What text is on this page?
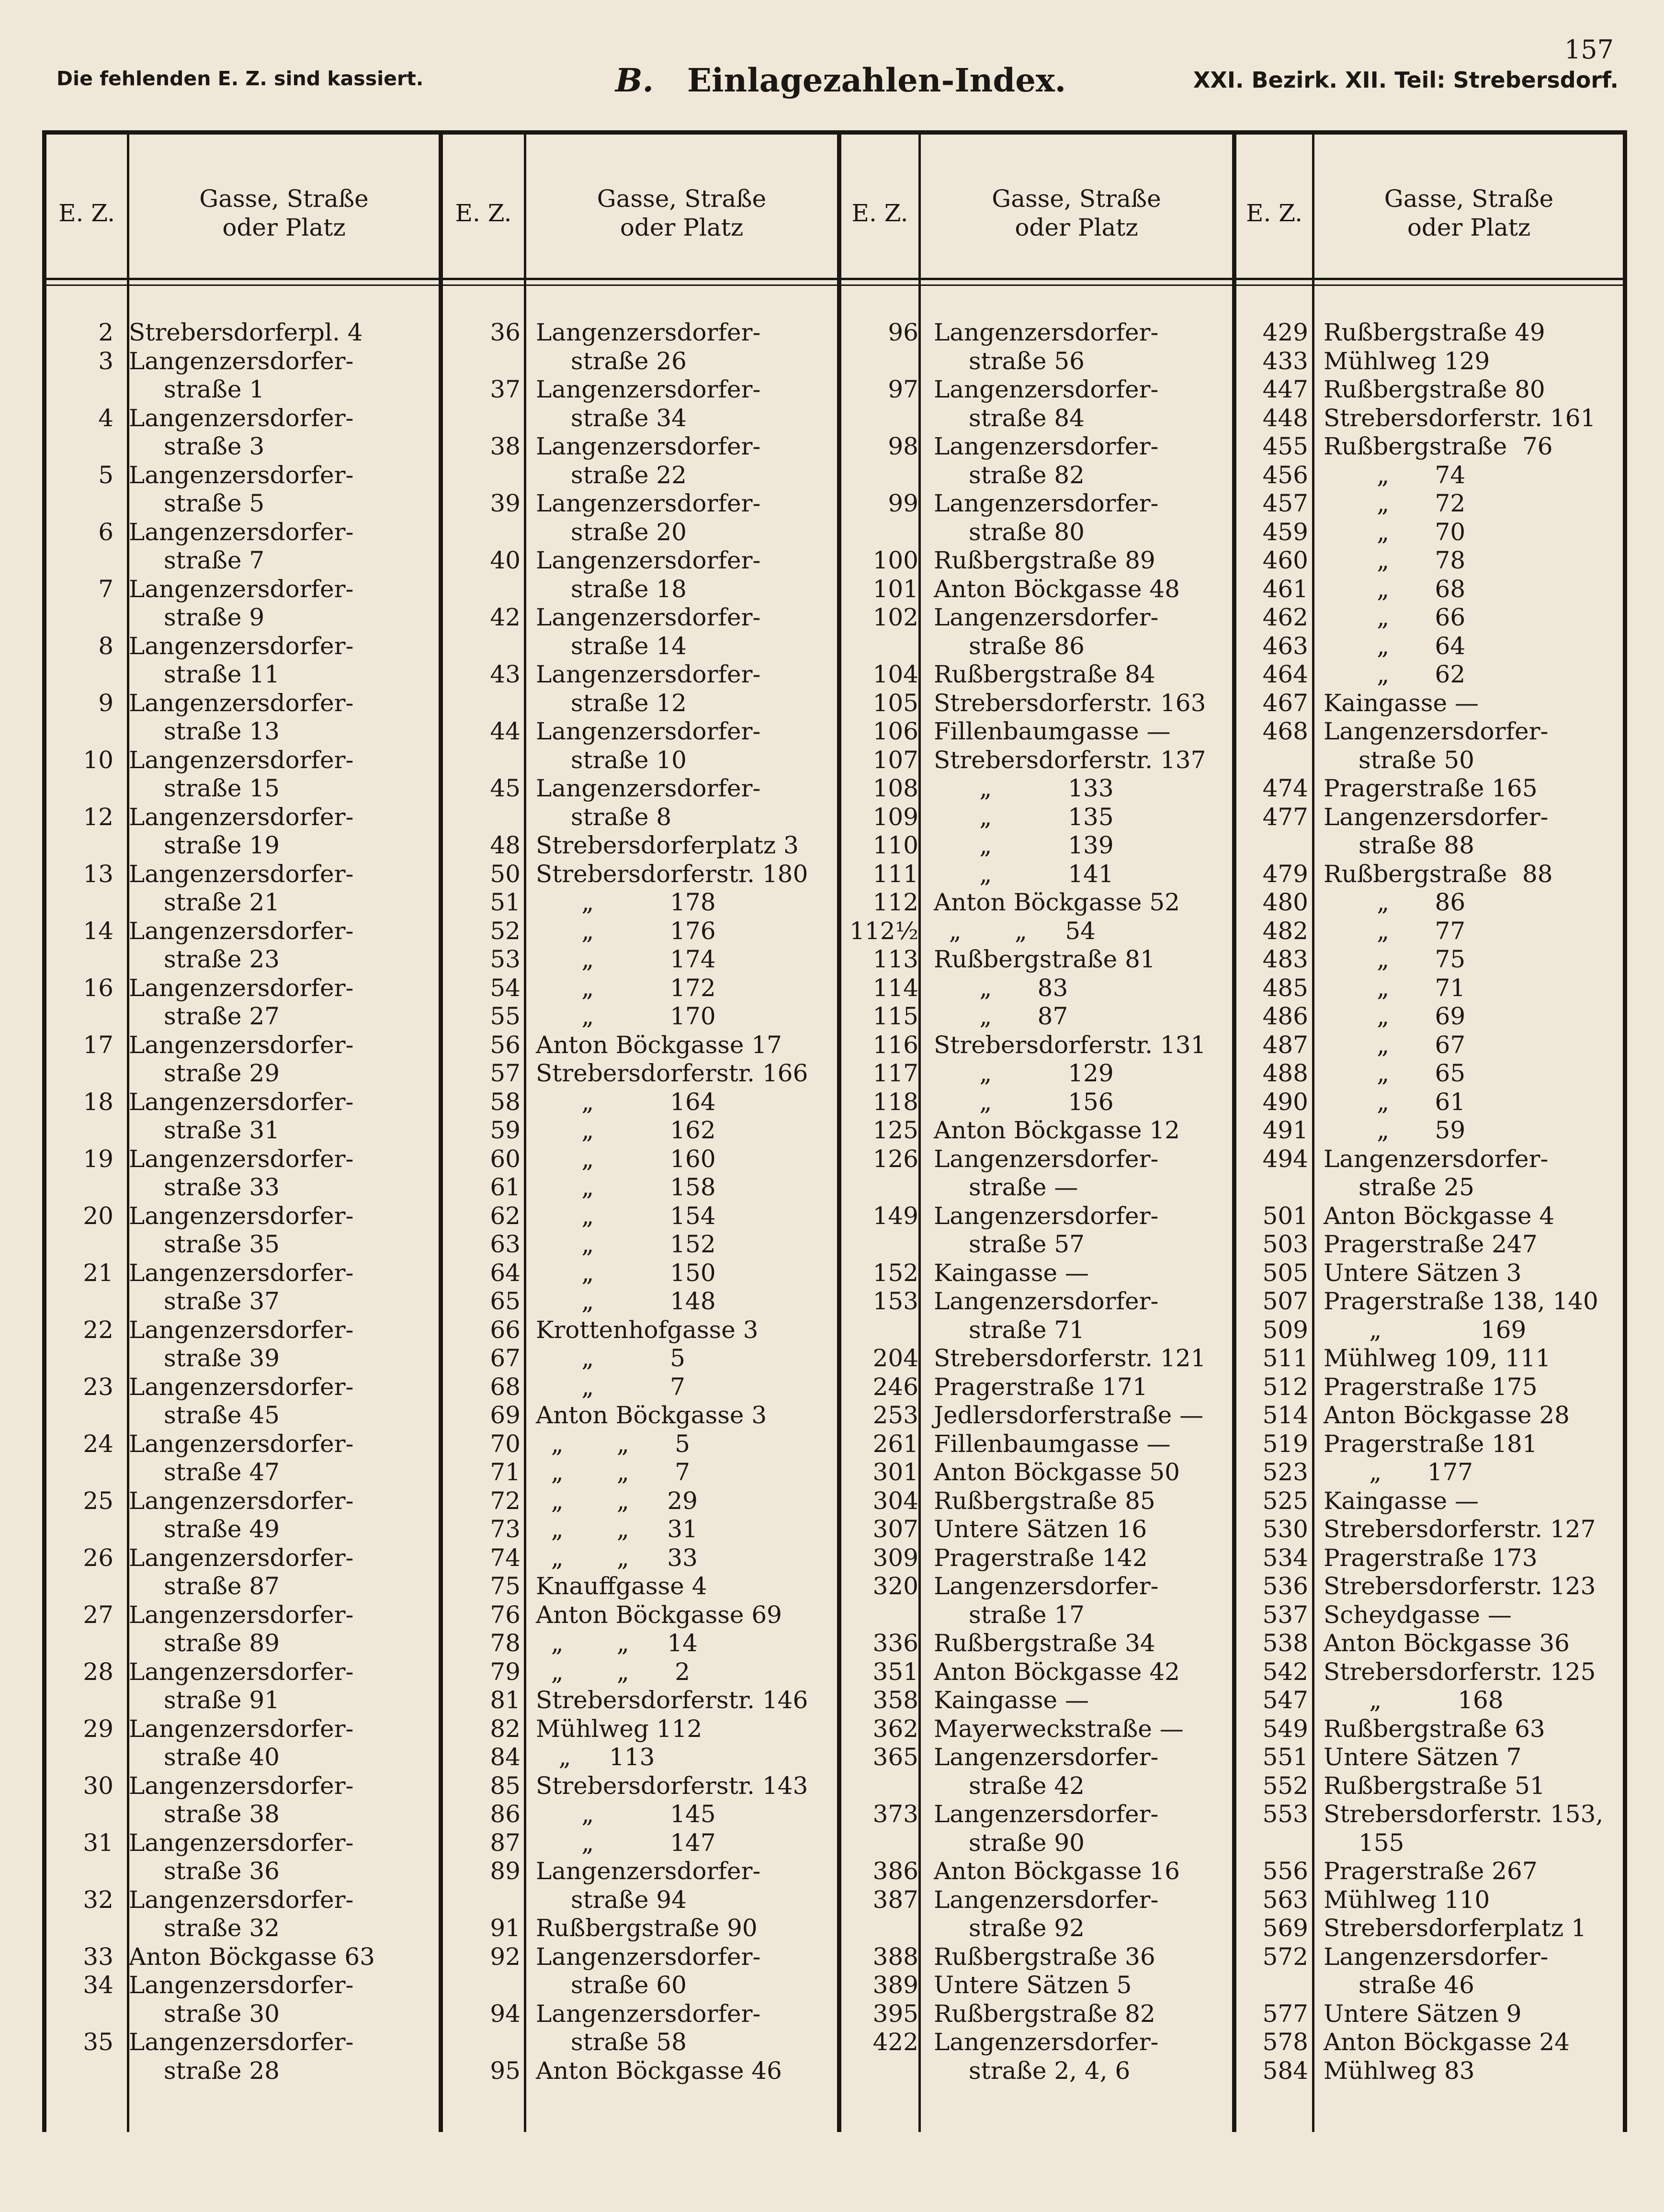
157
Die fehlenden E. Z. sind kassiert.	B. Einlagezahlen-Index.	XXI. Bezirk. XII. Teil: Strebersdorf.
E. Z.
Gasse, Straße
oder Platz
E. Z.
Gasse, Straße
oder Platz
E. Z.
Gasse, Straße
oder Platz
E. Z.
Gasse, Straße
oder Platz
2 Strebersdorferpl. 4
3 Langenzersdorfer-
straße 1
4 Langenzersdorfer-
straße 3
5 Langenzersdorfer-
straße 5
6 Langenzersdorfer-
straße 7
7 Langenzersdorfer-
straße 9
8 Langenzersdorfer-
straße 11
9 Langenzersdorfer-
straße 13
10 Langenzersdorfer-
straße 15
12 Langenzersdorfer-
straße 19
13 Langenzersdorfer-
straße 21
14 Langenzersdorfer-
straße 23
16 Langenzersdorfer-
straße 27
17 Langenzersdorfer-
straße 29
18 Langenzersdorfer-
straße 31
19 Langenzersdorfer-
straße 33
20 Langenzersdorfer-
straße 35
21 Langenzersdorfer-
straße 37
22 Langenzersdorfer-
straße 39
23 Langenzersdorfer-
straße 45
24 Langenzersdorfer-
straße 47
25 Langenzersdorfer-
straße 49
26 Langenzersdorfer-
straße 87
27 Langenzersdorfer-
straße 89
28 Langenzersdorfer-
straße 91
29 Langenzersdorfer-
straße 40
30 Langenzersdorfer-
straße 38
31 Langenzersdorfer-
straße 36
32 Langenzersdorfer-
straße 32
33 Anton Böckgasse 63
34 Langenzersdorfer-
straße 30
35 Langenzersdorfer-
straße 28
36 Langenzersdorfer-
straße 26
37 Langenzersdorfer-
straße 34
38 Langenzersdorfer-
straße 22
39 Langenzersdorfer-
straße 20
40 Langenzersdorfer-
straße 18
42 Langenzersdorfer-
straße 14
43 Langenzersdorfer-
straße 12
44 Langenzersdorfer-
straße 10
45 Langenzersdorfer-
straße 8
48 Strebersdorferplatz 3
50 Strebersdorferstr. 180
51 „          178
52 „          176
53 „          174
54 „          172
55 „          170
56 Anton Böckgasse 17
57 Strebersdorferstr. 166
58 „          164
59 „          162
60 „          160
61 „          158
62 „          154
63 „          152
64 „          150
65 „          148
66 Krottenhofgasse 3
67 „          5
68 „          7
69 Anton Böckgasse 3
70 „       „      5
71 „       „      7
72 „       „     29
73 „       „     31
74 „       „     33
75 Knauffgasse 4
76 Anton Böckgasse 69
78 „       „     14
79 „       „      2
81 Strebersdorferstr. 146
82 Mühlweg 112
84 „     113
85 Strebersdorferstr. 143
86 „          145
87 „          147
89 Langenzersdorfer-
straße 94
91 Rußbergstraße 90
92 Langenzersdorfer-
straße 60
94 Langenzersdorfer-
straße 58
95 Anton Böckgasse 46
96 Langenzersdorfer-
straße 56
97 Langenzersdorfer-
straße 84
98 Langenzersdorfer-
straße 82
99 Langenzersdorfer-
straße 80
100 Rußbergstraße 89
101 Anton Böckgasse 48
102 Langenzersdorfer-
straße 86
104 Rußbergstraße 84
105 Strebersdorferstr. 163
106 Fillenbaumgasse —
107 Strebersdorferstr. 137
108 „          133
109 „          135
110 „          139
111 „          141
112 Anton Böckgasse 52
112½ „       „     54
113 Rußbergstraße 81
114 „      83
115 „      87
116 Strebersdorferstr. 131
117 „          129
118 „          156
125 Anton Böckgasse 12
126 Langenzersdorfer-
straße —
149 Langenzersdorfer-
straße 57
152 Kaingasse —
153 Langenzersdorfer-
straße 71
204 Strebersdorferstr. 121
246 Pragerstraße 171
253 Jedlersdorferstraße —
261 Fillenbaumgasse —
301 Anton Böckgasse 50
304 Rußbergstraße 85
307 Untere Sätzen 16
309 Pragerstraße 142
320 Langenzersdorfer-
straße 17
336 Rußbergstraße 34
351 Anton Böckgasse 42
358 Kaingasse —
362 Mayerweckstraße —
365 Langenzersdorfer-
straße 42
373 Langenzersdorfer-
straße 90
386 Anton Böckgasse 16
387 Langenzersdorfer-
straße 92
388 Rußbergstraße 36
389 Untere Sätzen 5
395 Rußbergstraße 82
422 Langenzersdorfer-
straße 2, 4, 6
429 Rußbergstraße 49
433 Mühlweg 129
447 Rußbergstraße 80
448 Strebersdorferstr. 161
455 Rußbergstraße  76
456 „      74
457 „      72
459 „      70
460 „      78
461 „      68
462 „      66
463 „      64
464 „      62
467 Kaingasse —
468 Langenzersdorfer-
straße 50
474 Pragerstraße 165
477 Langenzersdorfer-
straße 88
479 Rußbergstraße  88
480 „      86
482 „      77
483 „      75
485 „      71
486 „      69
487 „      67
488 „      65
490 „      61
491 „      59
494 Langenzersdorfer-
straße 25
501 Anton Böckgasse 4
503 Pragerstraße 247
505 Untere Sätzen 3
507 Pragerstraße 138, 140
509 „             169
511 Mühlweg 109, 111
512 Pragerstraße 175
514 Anton Böckgasse 28
519 Pragerstraße 181
523 „      177
525 Kaingasse —
530 Strebersdorferstr. 127
534 Pragerstraße 173
536 Strebersdorferstr. 123
537 Scheydgasse —
538 Anton Böckgasse 36
542 Strebersdorferstr. 125
547 „          168
549 Rußbergstraße 63
551 Untere Sätzen 7
552 Rußbergstraße 51
553 Strebersdorferstr. 153,
155
556 Pragerstraße 267
563 Mühlweg 110
569 Strebersdorferplatz 1
572 Langenzersdorfer-
straße 46
577 Untere Sätzen 9
578 Anton Böckgasse 24
584 Mühlweg 83
